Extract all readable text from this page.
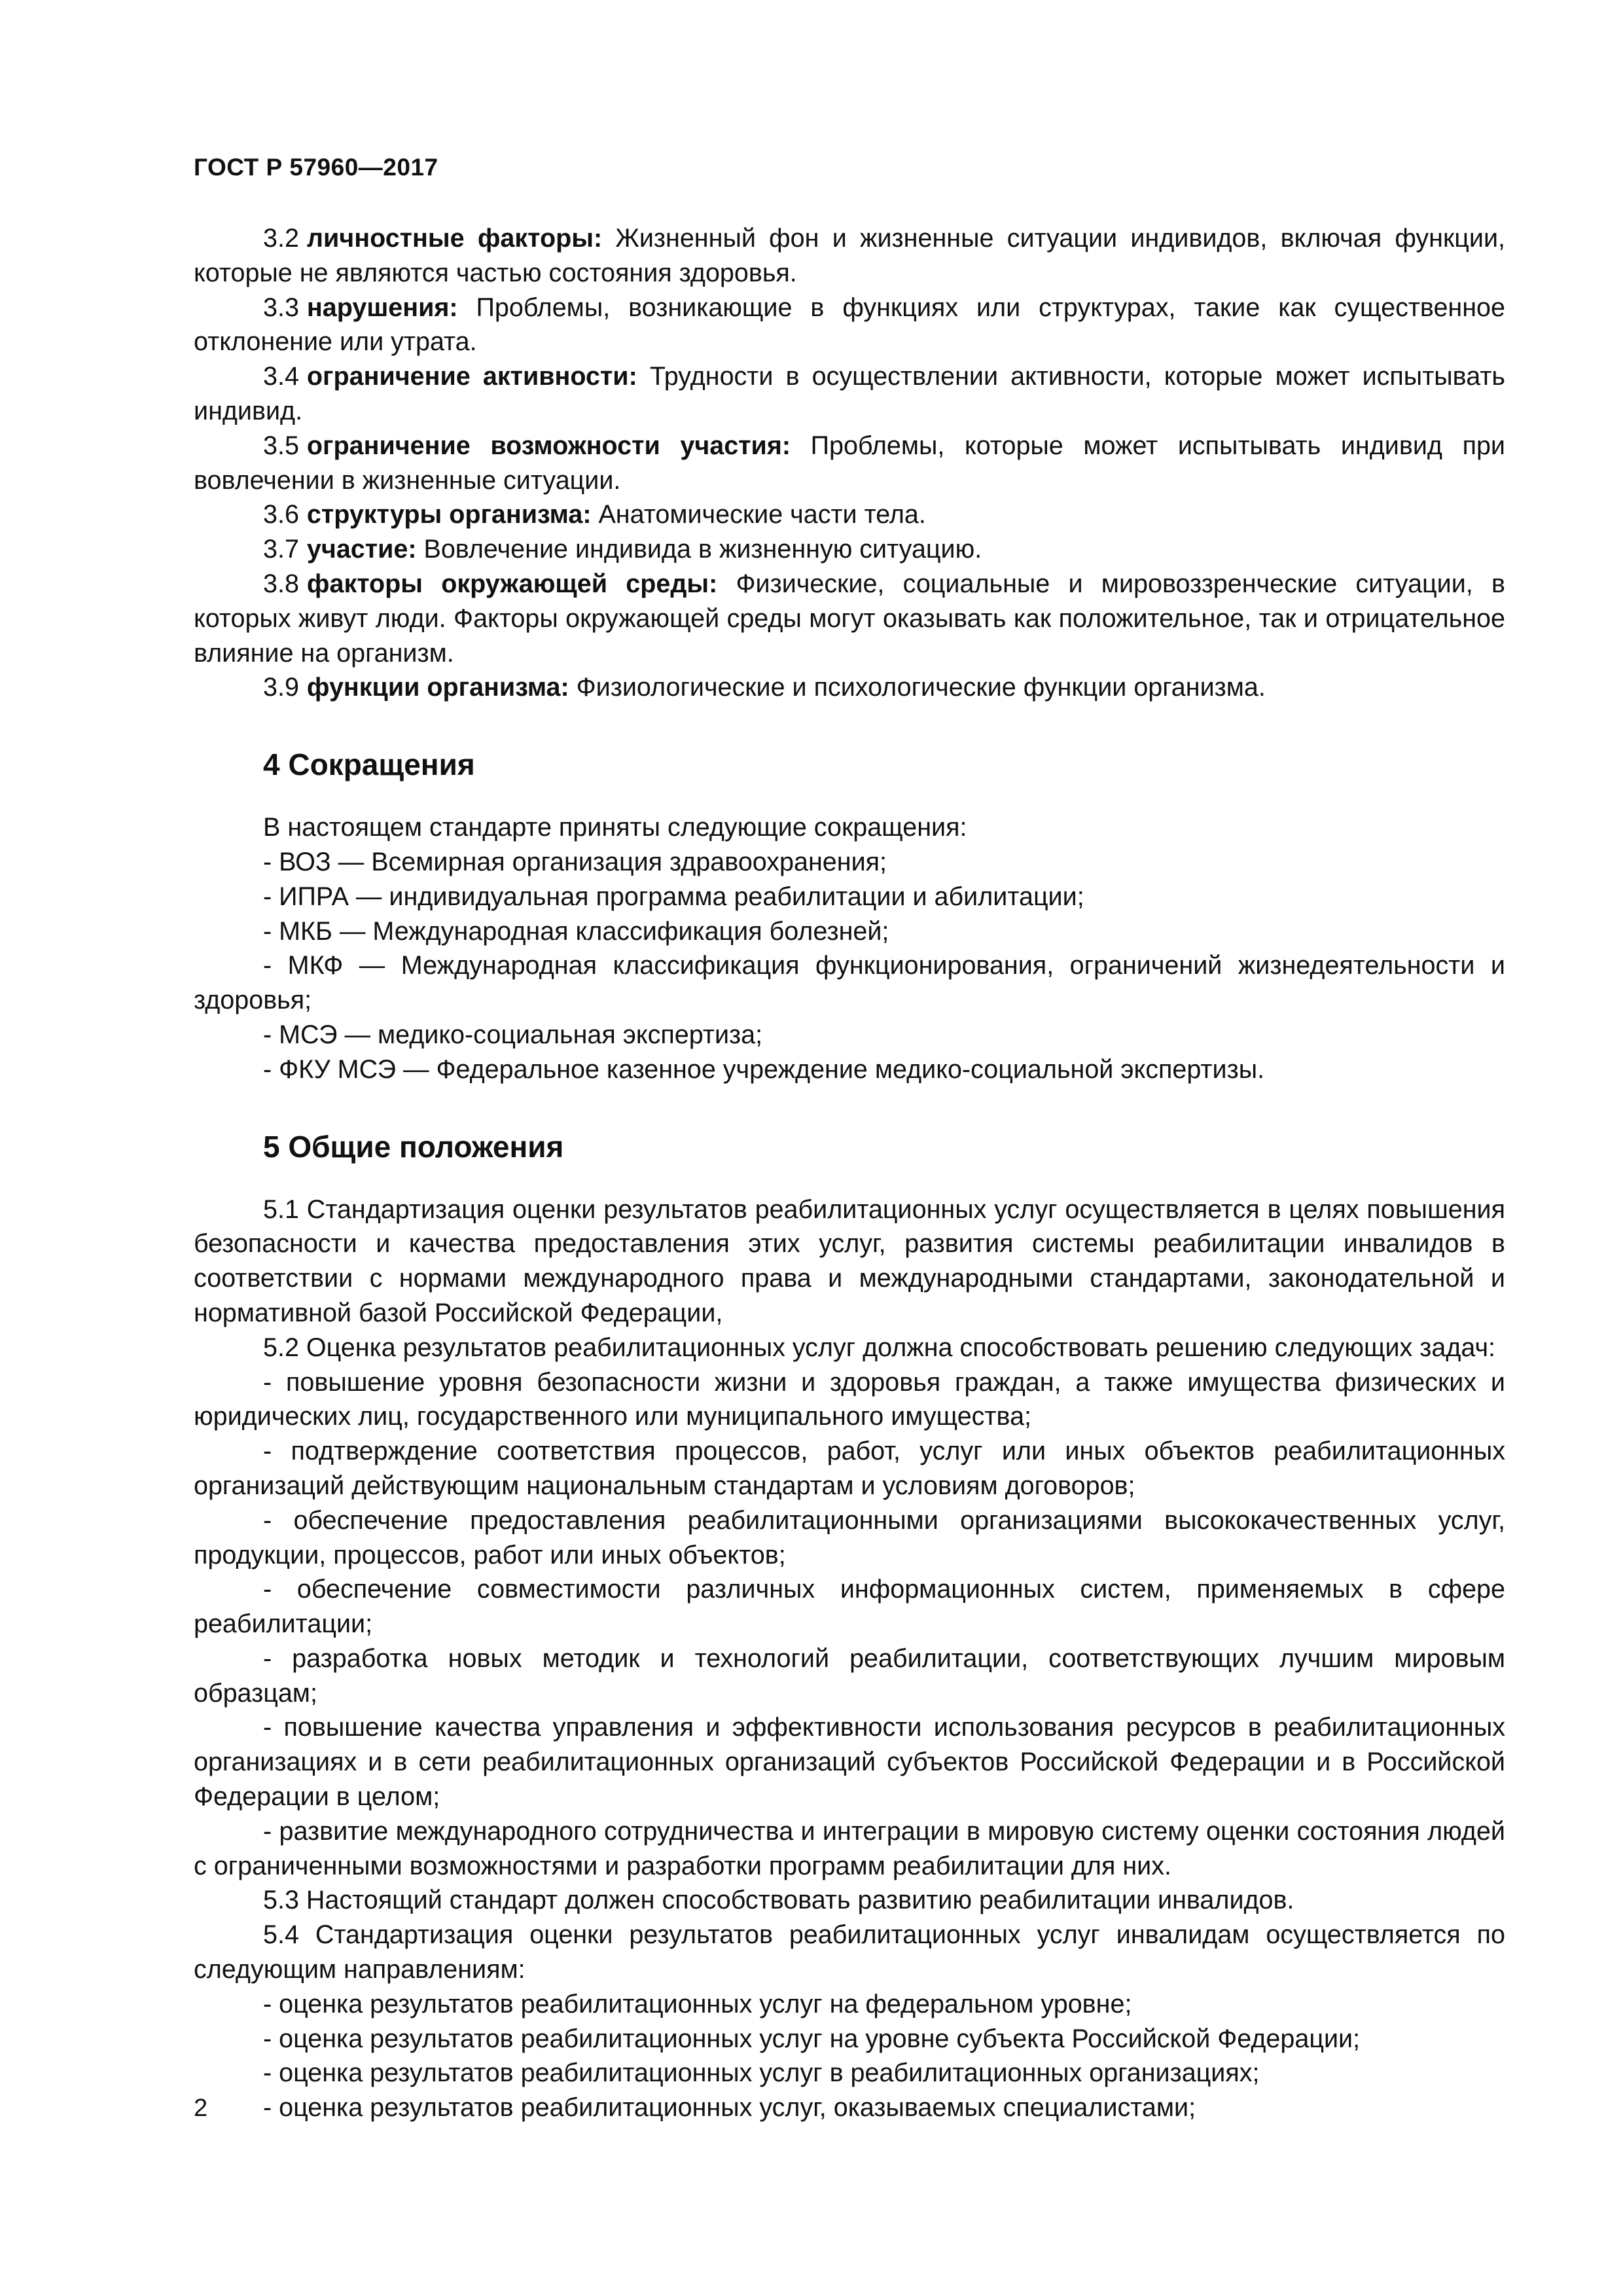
ГОСТ Р 57960—2017

3.2 личностные факторы: Жизненный фон и жизненные ситуации индивидов, включая функции, которые не являются частью состояния здоровья.

3.3 нарушения: Проблемы, возникающие в функциях или структурах, такие как существенное отклонение или утрата.

3.4 ограничение активности: Трудности в осуществлении активности, которые может испытывать индивид.

3.5 ограничение возможности участия: Проблемы, которые может испытывать индивид при вовлечении в жизненные ситуации.

3.6 структуры организма: Анатомические части тела.

3.7 участие: Вовлечение индивида в жизненную ситуацию.

3.8 факторы окружающей среды: Физические, социальные и мировоззренческие ситуации, в которых живут люди. Факторы окружающей среды могут оказывать как положительное, так и отрицательное влияние на организм.

3.9 функции организма: Физиологические и психологические функции организма.

4 Сокращения

В настоящем стандарте приняты следующие сокращения:

- ВОЗ — Всемирная организация здравоохранения;

- ИПРА — индивидуальная программа реабилитации и абилитации;

- МКБ — Международная классификация болезней;

- МКФ — Международная классификация функционирования, ограничений жизнедеятельности и здоровья;

- МСЭ — медико-социальная экспертиза;

- ФКУ МСЭ — Федеральное казенное учреждение медико-социальной экспертизы.

5 Общие положения

5.1 Стандартизация оценки результатов реабилитационных услуг осуществляется в целях повышения безопасности и качества предоставления этих услуг, развития системы реабилитации инвалидов в соответствии с нормами международного права и международными стандартами, законодательной и нормативной базой Российской Федерации,

5.2 Оценка результатов реабилитационных услуг должна способствовать решению следующих задач:

- повышение уровня безопасности жизни и здоровья граждан, а также имущества физических и юридических лиц, государственного или муниципального имущества;

- подтверждение соответствия процессов, работ, услуг или иных объектов реабилитационных организаций действующим национальным стандартам и условиям договоров;

- обеспечение предоставления реабилитационными организациями высококачественных услуг, продукции, процессов, работ или иных объектов;

- обеспечение совместимости различных информационных систем, применяемых в сфере реабилитации;

- разработка новых методик и технологий реабилитации, соответствующих лучшим мировым образцам;

- повышение качества управления и эффективности использования ресурсов в реабилитационных организациях и в сети реабилитационных организаций субъектов Российской Федерации и в Российской Федерации в целом;

- развитие международного сотрудничества и интеграции в мировую систему оценки состояния людей с ограниченными возможностями и разработки программ реабилитации для них.

5.3 Настоящий стандарт должен способствовать развитию реабилитации инвалидов.

5.4 Стандартизация оценки результатов реабилитационных услуг инвалидам осуществляется по следующим направлениям:

- оценка результатов реабилитационных услуг на федеральном уровне;

- оценка результатов реабилитационных услуг на уровне субъекта Российской Федерации;

- оценка результатов реабилитационных услуг в реабилитационных организациях;

- оценка результатов реабилитационных услуг, оказываемых специалистами;

2
